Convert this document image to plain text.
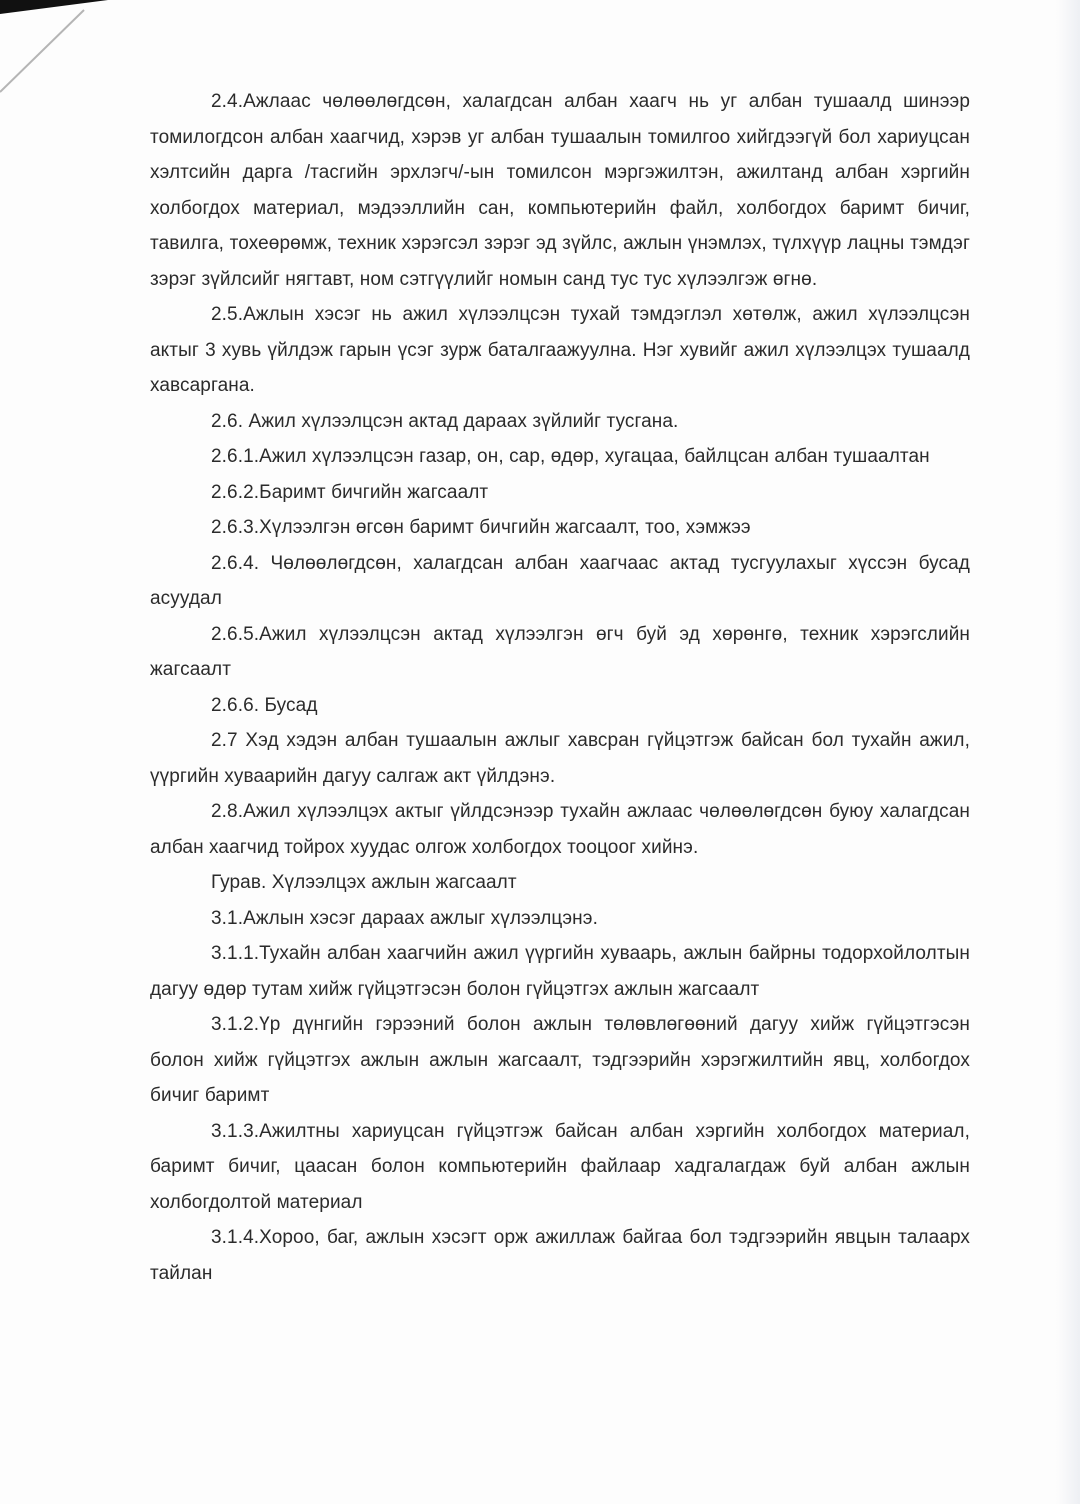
2.4.Ажлаас чөлөөлөгдсөн, халагдсан албан хаагч нь уг албан тушаалд шинээр томилогдсон албан хаагчид, хэрэв уг албан тушаалын томилгоо хийгдээгүй бол хариуцсан хэлтсийн дарга /тасгийн эрхлэгч/-ын томилсон мэргэжилтэн, ажилтанд албан хэргийн холбогдох материал, мэдээллийн сан, компьютерийн файл, холбогдох баримт бичиг, тавилга, тохеөрөмж, техник хэрэгсэл зэрэг эд зүйлс, ажлын үнэмлэх, түлхүүр лацны тэмдэг зэрэг зүйлсийг нягтавт, ном сэтгүүлийг номын санд тус тус хүлээлгэж өгнө.

2.5.Ажлын хэсэг нь ажил хүлээлцсэн тухай тэмдэглэл хөтөлж, ажил хүлээлцсэн актыг 3 хувь үйлдэж гарын үсэг зурж баталгаажуулна. Нэг хувийг ажил хүлээлцэх тушаалд хавсаргана.

2.6. Ажил хүлээлцсэн актад дараах зүйлийг тусгана.

2.6.1.Ажил хүлээлцсэн газар, он, сар, өдөр, хугацаа, байлцсан албан тушаалтан

2.6.2.Баримт бичгийн жагсаалт

2.6.3.Хүлээлгэн өгсөн баримт бичгийн жагсаалт, тоо, хэмжээ

2.6.4. Чөлөөлөгдсөн, халагдсан албан хаагчаас актад тусгуулахыг хүссэн бусад асуудал

2.6.5.Ажил хүлээлцсэн актад хүлээлгэн өгч буй эд хөрөнгө, техник хэрэгслийн жагсаалт

2.6.6. Бусад

2.7 Хэд хэдэн албан тушаалын ажлыг хавсран гүйцэтгэж байсан бол тухайн ажил, үүргийн хуваарийн дагуу салгаж акт үйлдэнэ.

2.8.Ажил хүлээлцэх актыг үйлдсэнээр тухайн ажлаас чөлөөлөгдсөн буюу халагдсан албан хаагчид тойрох хуудас олгож холбогдох тооцоог хийнэ.

Гурав. Хүлээлцэх ажлын жагсаалт

3.1.Ажлын хэсэг дараах ажлыг хүлээлцэнэ.

3.1.1.Тухайн албан хаагчийн ажил үүргийн хуваарь, ажлын байрны тодорхойлолтын дагуу өдөр тутам хийж гүйцэтгэсэн болон гүйцэтгэх ажлын жагсаалт

3.1.2.Үр дүнгийн гэрээний болон ажлын төлөвлөгөөний дагуу хийж гүйцэтгэсэн болон хийж гүйцэтгэх ажлын ажлын жагсаалт, тэдгээрийн хэрэгжилтийн явц, холбогдох бичиг баримт

3.1.3.Ажилтны хариуцсан гүйцэтгэж байсан албан хэргийн холбогдох материал, баримт бичиг, цаасан болон компьютерийн файлаар хадгалагдаж буй албан ажлын холбогдолтой материал

3.1.4.Хороо, баг, ажлын хэсэгт орж ажиллаж байгаа бол тэдгээрийн явцын талаарх тайлан
